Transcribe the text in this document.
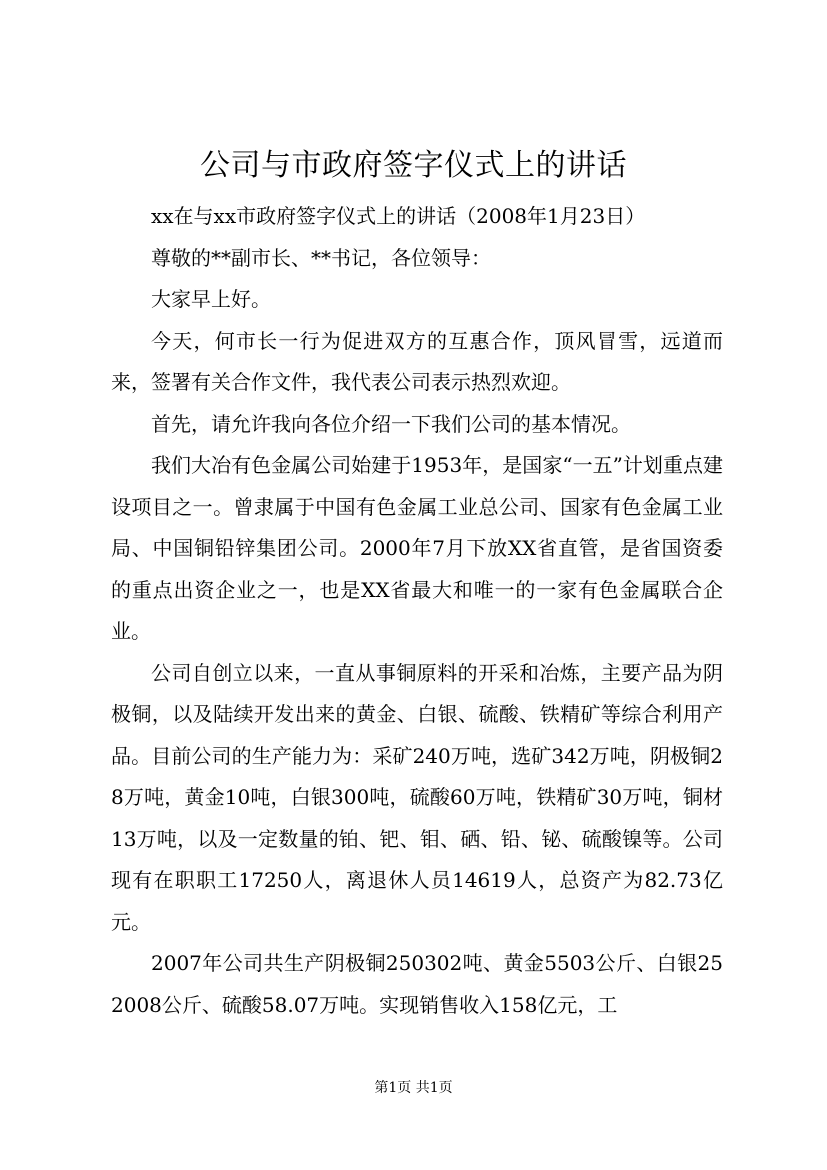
公司与市政府签字仪式上的讲话

xx在与xx市政府签字仪式上的讲话（2008年1月23日）

尊敬的**副市长、**书记，各位领导：

大家早上好。

今天，何市长一行为促进双方的互惠合作，顶风冒雪，远道而来，签署有关合作文件，我代表公司表示热烈欢迎。

首先，请允许我向各位介绍一下我们公司的基本情况。

我们大冶有色金属公司始建于1953年，是国家“一五”计划重点建设项目之一。曾隶属于中国有色金属工业总公司、国家有色金属工业局、中国铜铅锌集团公司。2000年7月下放XX省直管，是省国资委的重点出资企业之一，也是XX省最大和唯一的一家有色金属联合企业。

公司自创立以来，一直从事铜原料的开采和冶炼，主要产品为阴极铜，以及陆续开发出来的黄金、白银、硫酸、铁精矿等综合利用产品。目前公司的生产能力为：采矿240万吨，选矿342万吨，阴极铜28万吨，黄金10吨，白银300吨，硫酸60万吨，铁精矿30万吨，铜材13万吨，以及一定数量的铂、钯、钼、硒、铅、铋、硫酸镍等。公司现有在职职工17250人，离退休人员14619人，总资产为82.73亿元。

2007年公司共生产阴极铜250302吨、黄金5503公斤、白银252008公斤、硫酸58.07万吨。实现销售收入158亿元，工

第1页 共1页
